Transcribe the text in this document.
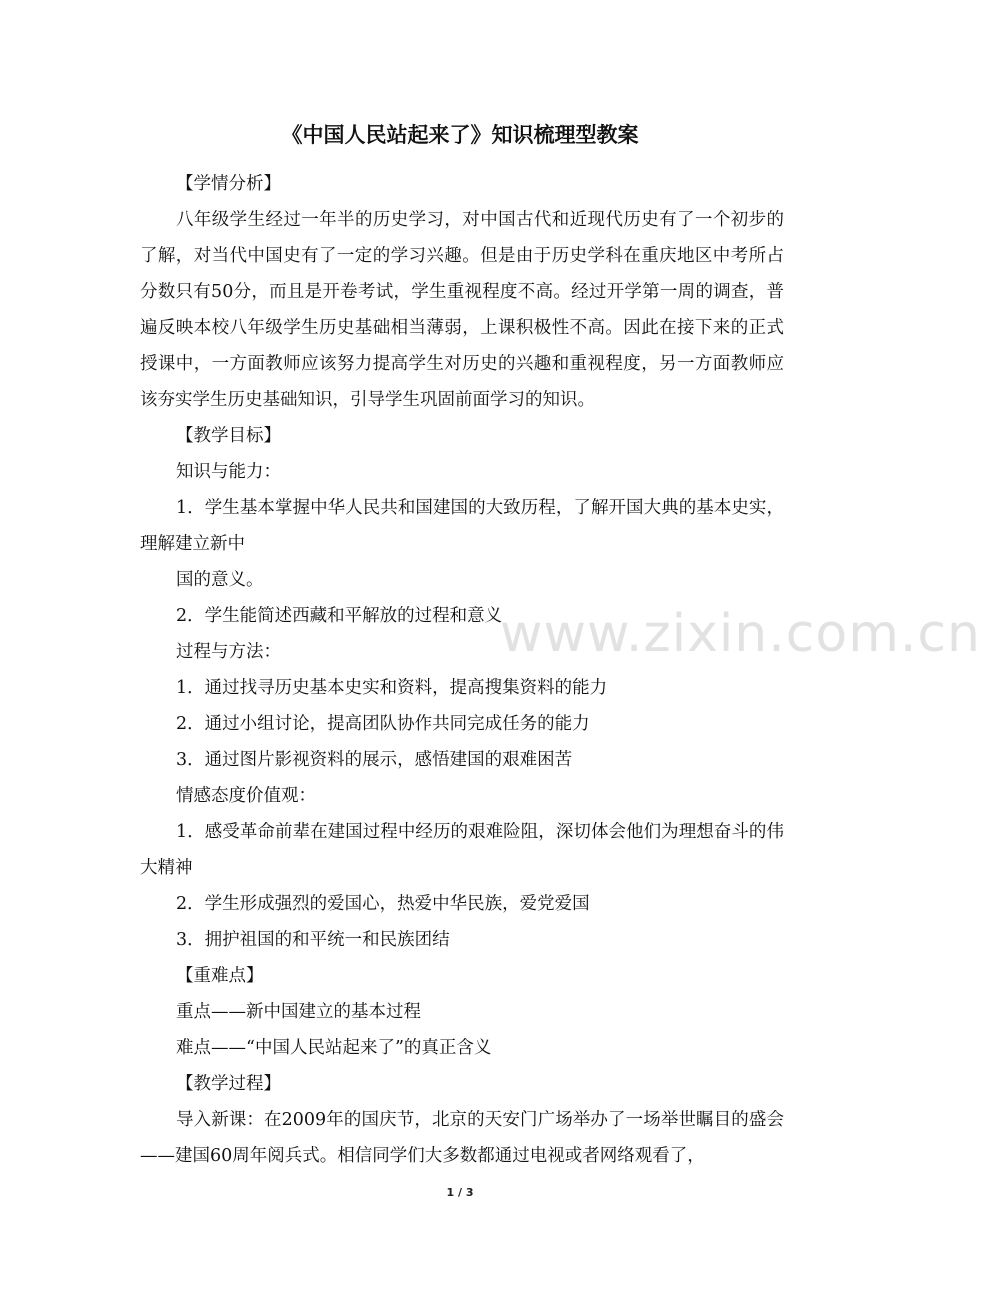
www.zixin.com.cn
《中国人民站起来了》知识梳理型教案

【学情分析】

八年级学生经过一年半的历史学习，对中国古代和近现代历史有了一个初步的了解，对当代中国史有了一定的学习兴趣。但是由于历史学科在重庆地区中考所占分数只有50分，而且是开卷考试，学生重视程度不高。经过开学第一周的调查，普遍反映本校八年级学生历史基础相当薄弱，上课积极性不高。因此在接下来的正式授课中，一方面教师应该努力提高学生对历史的兴趣和重视程度，另一方面教师应该夯实学生历史基础知识，引导学生巩固前面学习的知识。

【教学目标】

知识与能力：

1．学生基本掌握中华人民共和国建国的大致历程，了解开国大典的基本史实，理解建立新中

国的意义。

2．学生能简述西藏和平解放的过程和意义

过程与方法：

1．通过找寻历史基本史实和资料，提高搜集资料的能力

2．通过小组讨论，提高团队协作共同完成任务的能力

3．通过图片影视资料的展示，感悟建国的艰难困苦

情感态度价值观：

1．感受革命前辈在建国过程中经历的艰难险阻，深切体会他们为理想奋斗的伟大精神

2．学生形成强烈的爱国心，热爱中华民族，爱党爱国

3．拥护祖国的和平统一和民族团结

【重难点】

重点——新中国建立的基本过程

难点——“中国人民站起来了”的真正含义

【教学过程】

导入新课：在2009年的国庆节，北京的天安门广场举办了一场举世瞩目的盛会——建国60周年阅兵式。相信同学们大多数都通过电视或者网络观看了，

1 / 3
